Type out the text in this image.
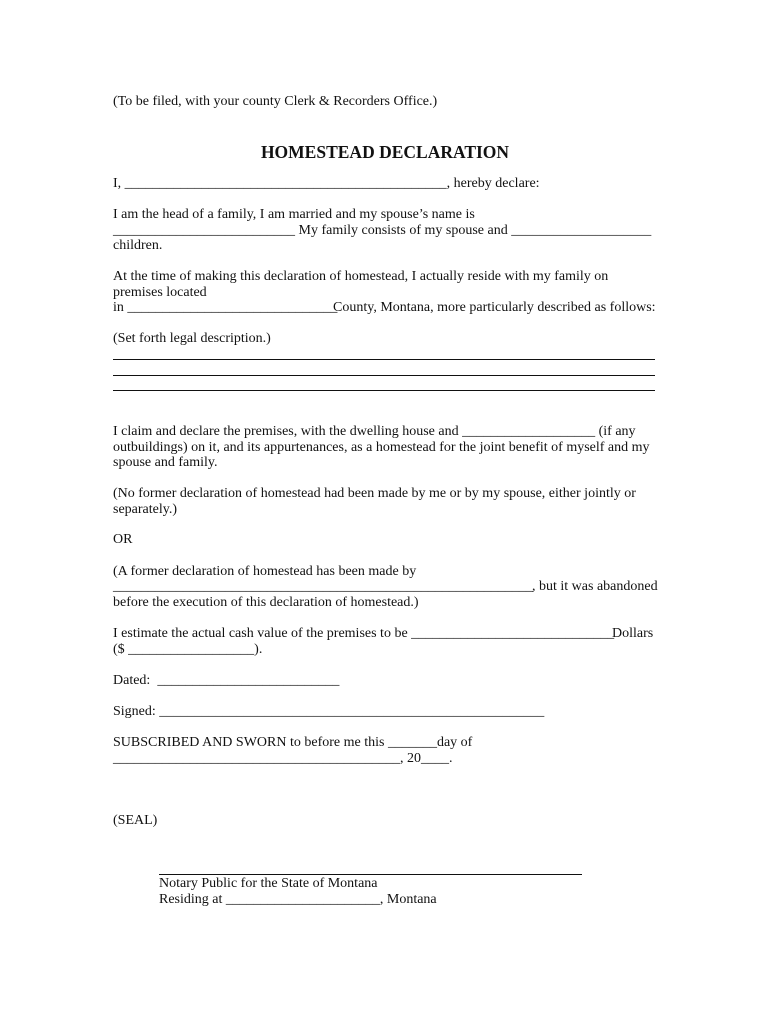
(To be filed, with your county Clerk & Recorders Office.)
HOMESTEAD DECLARATION
I, ______________________________________________, hereby declare:
I am the head of a family, I am married and my spouse’s name is
__________________________ My family consists of my spouse and ____________________
children.
At the time of making this declaration of homestead, I actually reside with my family on
premises located
in ______________________________
County, Montana, more particularly described as follows:
(Set forth legal description.)
I claim and declare the premises, with the dwelling house and ___________________ (if any
outbuildings) on it, and its appurtenances, as a homestead for the joint benefit of myself and my
spouse and family.
(No former declaration of homestead had been made by me or by my spouse, either jointly or
separately.)
OR
(A former declaration of homestead has been made by
____________________________________________________________ , but it was abandoned
before the execution of this declaration of homestead.)
I estimate the actual cash value of the premises to be _____________________________
Dollars
($ __________________).
Dated:  __________________________
Signed: _______________________________________________________
SUBSCRIBED AND SWORN to before me this _______day of
_________________________________________, 20____.
(SEAL)
Notary Public for the State of Montana
Residing at ______________________, Montana
